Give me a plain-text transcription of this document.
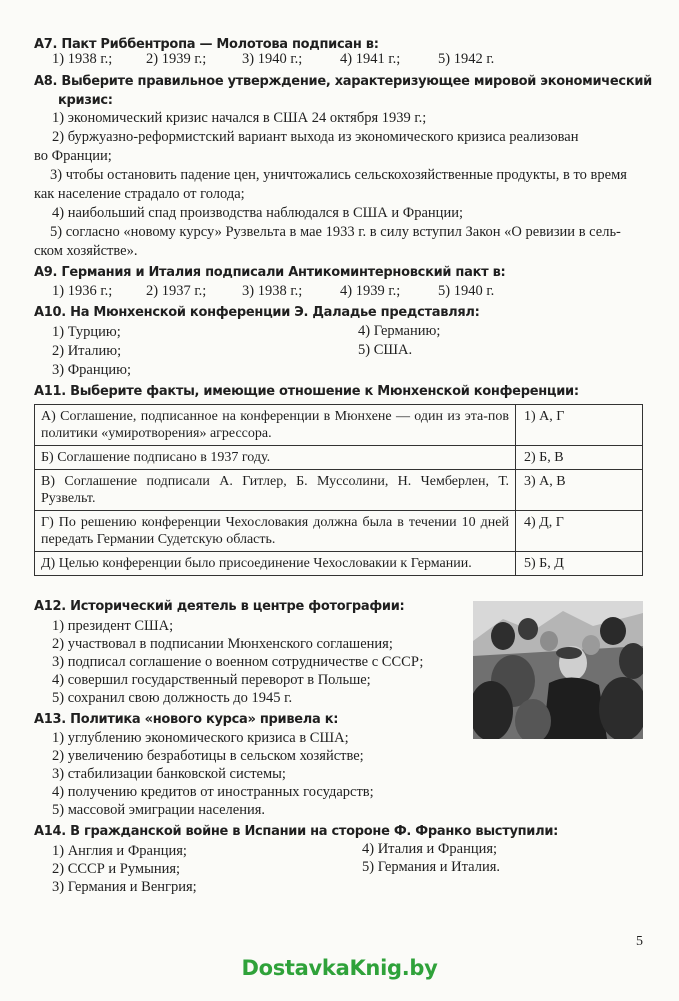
А7. Пакт Риббентропа — Молотова подписан в:
1) 1938 г.; 2) 1939 г.; 3) 1940 г.;	4) 1941 г.;	5) 1942 г.
А8. Выберите правильное утверждение, характеризующее мировой экономический
кризис:
1) экономический кризис начался в США 24 октября 1939 г.;
2) буржуазно-реформистский вариант выхода из экономического кризиса реализован
во Франции;
3) чтобы остановить падение цен, уничтожались сельскохозяйственные продукты, в то время
как население страдало от голода;
4) наибольший спад производства наблюдался в США и Франции;
5) согласно «новому курсу» Рузвельта в мае 1933 г. в силу вступил Закон «О ревизии в сель-
ском хозяйстве».
А9. Германия и Италия подписали Антикоминтерновский пакт в:
1) 1936 г.; 2) 1937 г.; 3) 1938 г.;	4) 1939 г.;	5) 1940 г.
А10. На Мюнхенской конференции Э. Даладье представлял:
1) Турцию;
2) Италию;
3) Францию;
4) Германию;
5) США.
А11. Выберите факты, имеющие отношение к Мюнхенской конференции:
А) Соглашение, подписанное на конференции в Мюнхене — один из эта-пов политики «умиротворения» агрессора.	1) А, Г
Б) Соглашение подписано в 1937 году.	2) Б, В
В) Соглашение подписали А. Гитлер, Б. Муссолини, Н. Чемберлен, Т. Рузвельт.	3) А, В
Г) По решению конференции Чехословакия должна была в течении 10 дней передать Германии Судетскую область.	4) Д, Г
Д) Целью конференции было присоединение Чехословакии к Германии.	5) Б, Д
А12. Исторический деятель в центре фотографии:
1) президент США;
2) участвовал в подписании Мюнхенского соглашения;
3) подписал соглашение о военном сотрудничестве с СССР;
4) совершил государственный переворот в Польше;
5) сохранил свою должность до 1945 г.
А13. Политика «нового курса» привела к:
1) углублению экономического кризиса в США;
2) увеличению безработицы в сельском хозяйстве;
3) стабилизации банковской системы;
4) получению кредитов от иностранных государств;
5) массовой эмиграции населения.
А14. В гражданской войне в Испании на стороне Ф. Франко выступили:
1) Англия и Франция;
2) СССР и Румыния;
3) Германия и Венгрия;
4) Италия и Франция;
5) Германия и Италия.
5
DostavkaKnig.by
